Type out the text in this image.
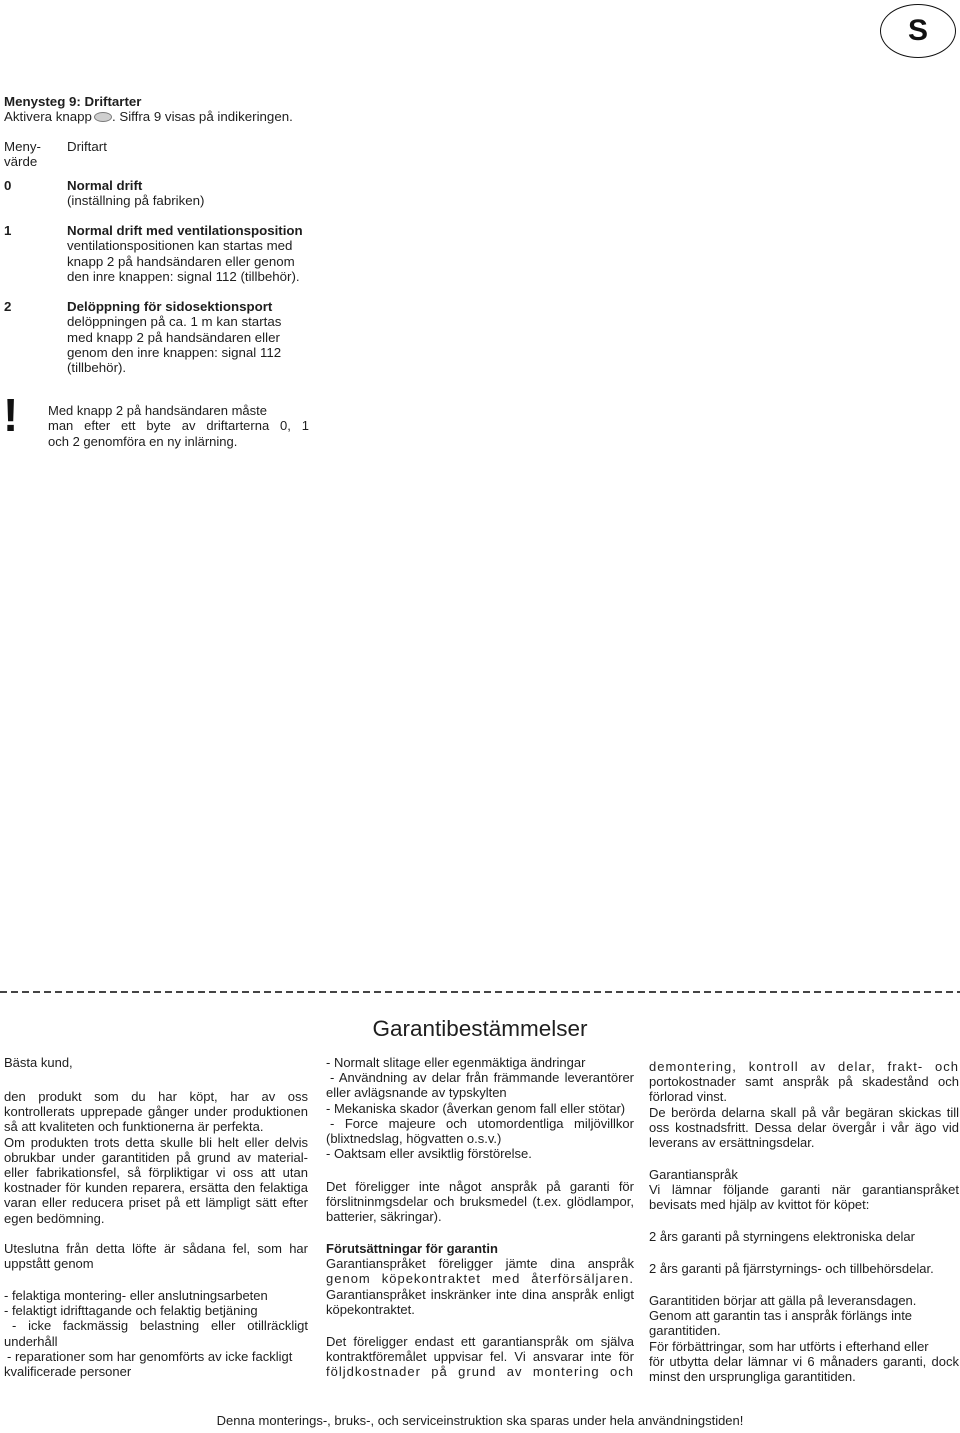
S
Menysteg 9: Driftarter
Aktivera knapp . Siffra 9 visas på indikeringen.
Meny-
värde
Driftart
0	Normal drift
(inställning på fabriken)
1	Normal drift med ventilationsposition
ventilationspositionen kan startas med
knapp 2 på handsändaren eller genom
den inre knappen: signal 112 (tillbehör).
2	Delöppning för sidosektionsport
delöppningen på ca. 1 m kan startas
med knapp 2 på handsändaren eller
genom den inre knappen: signal 112
(tillbehör).
! Med knapp 2 på handsändaren måste
man efter ett byte av driftarterna 0, 1
och 2 genomföra en ny inlärning.
Garantibestämmelser
Bästa kund,
den produkt som du har köpt, har av oss
kontrollerats upprepade gånger under produktionen
så att kvaliteten och funktionerna är perfekta.
Om produkten trots detta skulle bli helt eller delvis
obrukbar under garantitiden på grund av material-
eller fabrikationsfel, så förpliktigar vi oss att utan
kostnader för kunden reparera, ersätta den felaktiga
varan eller reducera priset på ett lämpligt sätt efter
egen bedömning.
Uteslutna från detta löfte är sådana fel, som har
uppstått genom
- felaktiga montering- eller anslutningsarbeten
- felaktigt idrifttagande och felaktig betjäning
- icke fackmässig belastning eller otillräckligt
underhåll
- reparationer som har genomförts av icke fackligt
kvalificerade personer
- Normalt slitage eller egenmäktiga ändringar
- Användning av delar från främmande leverantörer
eller avlägsnande av typskylten
- Mekaniska skador (åverkan genom fall eller stötar)
- Force majeure och utomordentliga miljövillkor
(blixtnedslag, högvatten o.s.v.)
- Oaktsam eller avsiktlig förstörelse.
Det föreligger inte något anspråk på garanti för
förslitninmgsdelar och bruksmedel (t.ex. glödlampor,
batterier, säkringar).
Förutsättningar för garantin
Garantianspråket föreligger jämte dina anspråk
genom köpekontraktet med återförsäljaren.
Garantianspråket inskränker inte dina anspråk enligt
köpekontraktet.
Det föreligger endast ett garantianspråk om själva
kontraktföremålet uppvisar fel. Vi ansvarar inte för
följdkostnader på grund av montering och
demontering, kontroll av delar, frakt- och
portokostnader samt anspråk på skadestånd och
förlorad vinst.
De berörda delarna skall på vår begäran skickas till
oss kostnadsfritt. Dessa delar övergår i vår ägo vid
leverans av ersättningsdelar.
Garantianspråk
Vi lämnar följande garanti när garantianspråket
bevisats med hjälp av kvittot för köpet:
2 års garanti på styrningens elektroniska delar
2 års garanti på fjärrstyrnings- och tillbehörsdelar.
Garantitiden börjar att gälla på leveransdagen.
Genom att garantin tas i anspråk förlängs inte
garantitiden.
För förbättringar, som har utförts i efterhand eller
för utbytta delar lämnar vi 6 månaders garanti, dock
minst den ursprungliga garantitiden.
Denna monterings-, bruks-, och serviceinstruktion ska sparas under hela användningstiden!
